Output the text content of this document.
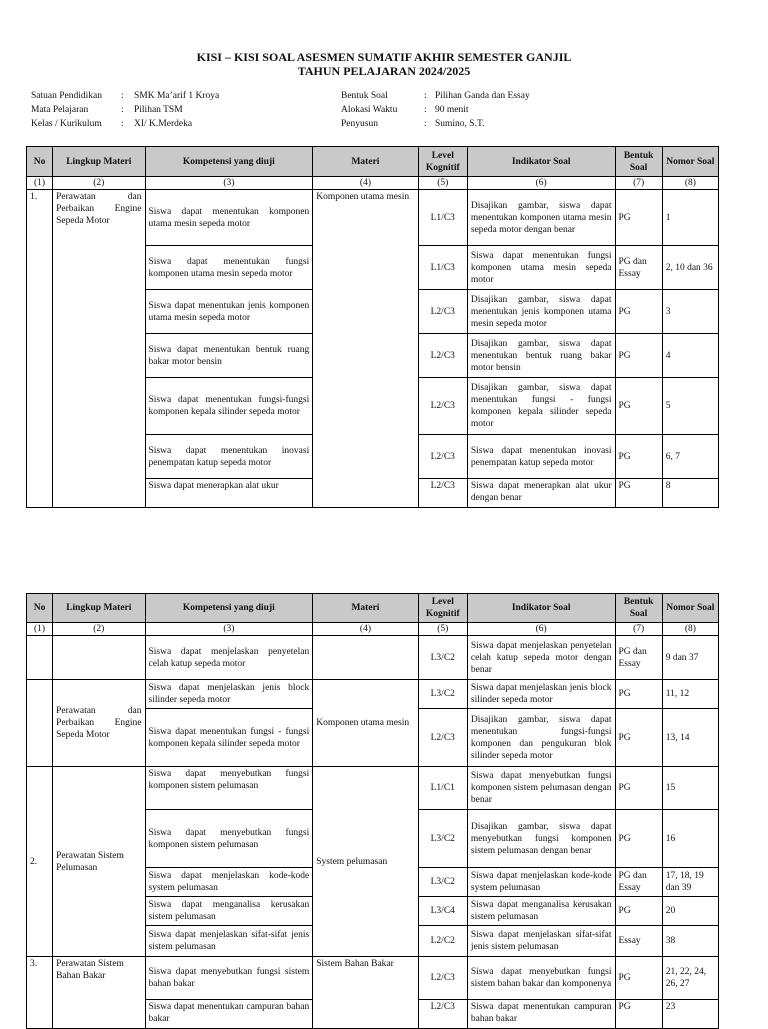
KISI – KISI SOAL ASESMEN SUMATIF AKHIR SEMESTER GANJIL
TAHUN PELAJARAN 2024/2025
Satuan Pendidikan : SMK Ma’arif 1 Kroya
Mata Pelajaran	: Pilihan TSM
Kelas / Kurikulum : XI/ K.Merdeka
Bentuk Soal	: Pilihan Ganda dan Essay
Alokasi Waktu	: 90 menit
Penyusun	: Sumino, S.T.
No	Lingkup Materi	Kompetensi yang diuji	Materi	Level Kognitif	Indikator Soal	Bentuk Soal	Nomor Soal
(1)	(2)	(3)	(4)	(5)	(6)	(7)	(8)
1.	Perawatan dan Perbaikan Engine Sepeda Motor	Siswa dapat menentukan komponen utama mesin sepeda motor	Komponen utama mesin	L1/C3	Disajikan gambar, siswa dapat menentukan komponen utama mesin sepeda motor dengan benar	PG	1
		Siswa dapat menentukan fungsi komponen utama mesin sepeda motor		L1/C3	Siswa dapat menentukan fungsi komponen utama mesin sepeda motor	PG dan Essay	2, 10 dan 36
		Siswa dapat menentukan jenis komponen utama mesin sepeda motor		L2/C3	Disajikan gambar, siswa dapat menentukan jenis komponen utama mesin sepeda motor	PG	3
		Siswa dapat menentukan bentuk ruang bakar motor bensin		L2/C3	Disajikan gambar, siswa dapat menentukan bentuk ruang bakar motor bensin	PG	4
		Siswa dapat menentukan fungsi-fungsi komponen kepala silinder sepeda motor		L2/C3	Disajikan gambar, siswa dapat menentukan fungsi - fungsi komponen kepala silinder sepeda motor	PG	5
		Siswa dapat menentukan inovasi penempatan katup sepeda motor		L2/C3	Siswa dapat menentukan inovasi penempatan katup sepeda motor	PG	6, 7
		Siswa dapat menerapkan alat ukur		L2/C3	Siswa dapat menerapkan alat ukur dengan benar	PG	8
No	Lingkup Materi	Kompetensi yang diuji	Materi	Level Kognitif	Indikator Soal	Bentuk Soal	Nomor Soal
(1)	(2)	(3)	(4)	(5)	(6)	(7)	(8)
		Siswa dapat menjelaskan penyetelan celah katup sepeda motor		L3/C2	Siswa dapat menjelaskan penyetelan celah katup sepeda motor dengan benar	PG dan Essay	9 dan 37
	Perawatan dan Perbaikan Engine Sepeda Motor	Siswa dapat menjelaskan jenis block silinder sepeda motor	Komponen utama mesin	L3/C2	Siswa dapat menjelaskan jenis block silinder sepeda motor	PG	11, 12
		Siswa dapat menentukan fungsi - fungsi komponen kepala silinder sepeda motor		L2/C3	Disajikan gambar, siswa dapat menentukan fungsi-fungsi komponen dan pengukuran blok silinder sepeda motor	PG	13, 14
2.	Perawatan Sistem Pelumasan	Siswa dapat menyebutkan fungsi komponen sistem pelumasan	System pelumasan	L1/C1	Siswa dapat menyebutkan fungsi komponen sistem pelumasan dengan benar	PG	15
		Siswa dapat menyebutkan fungsi komponen sistem pelumasan		L3/C2	Disajikan gambar, siswa dapat menyebutkan fungsi komponen sistem pelumasan dengan benar	PG	16
		Siswa dapat menjelaskan kode-kode system pelumasan		L3/C2	Siswa dapat menjelaskan kode-kode system pelumasan	PG dan Essay	17, 18, 19 dan 39
		Siswa dapat menganalisa kerusakan sistem pelumasan		L3/C4	Siswa dapat menganalisa kerusakan sistem pelumasan	PG	20
		Siswa dapat menjelaskan sifat-sifat jenis sistem pelumasan		L2/C2	Siswa dapat menjelaskan sifat-sifat jenis sistem pelumasan	Essay	38
3.	Perawatan Sistem Bahan Bakar	Siswa dapat menyebutkan fungsi sistem bahan bakar	Sistem Bahan Bakar	L2/C3	Siswa dapat menyebutkan fungsi sistem bahan bakar dan komponenya	PG	21, 22, 24, 26, 27
		Siswa dapat menentukan campuran bahan bakar		L2/C3	Siswa dapat menentukan campuran bahan bakar	PG	23
